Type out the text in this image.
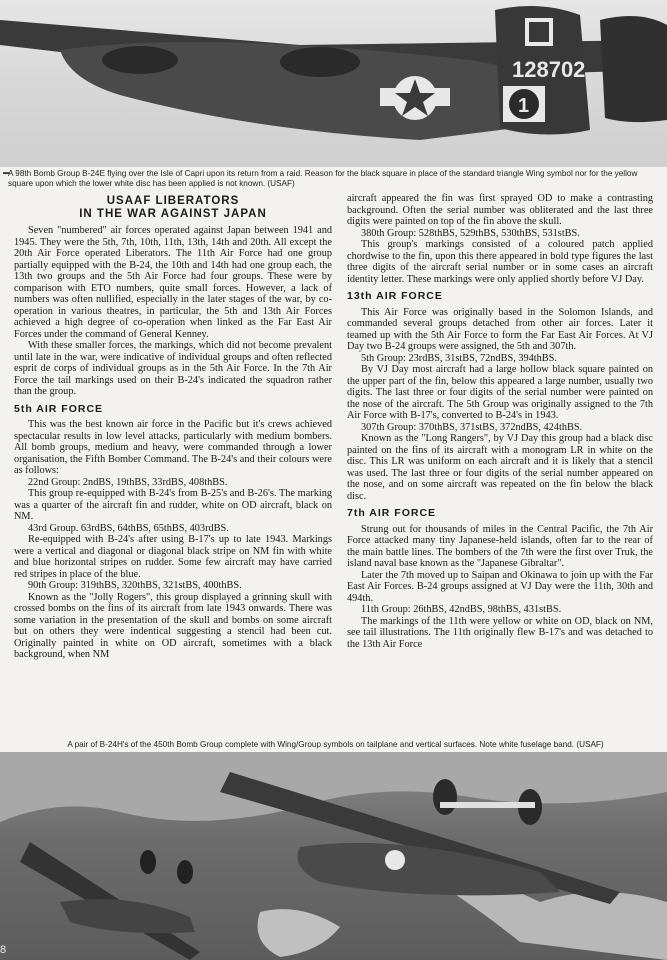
128702
1
▬ A 98th Bomb Group B-24E flying over the Isle of Capri upon its return from a raid. Reason for the black square in place of the standard triangle Wing symbol nor for the yellow square upon which the lower white disc has been applied is not known. (USAF)
USAAF LIBERATORS
IN THE WAR AGAINST JAPAN

Seven "numbered" air forces operated against Japan between 1941 and 1945. They were the 5th, 7th, 10th, 11th, 13th, 14th and 20th. All except the 20th Air Force operated Liberators. The 11th Air Force had one group partially equipped with the B-24, the 10th and 14th had one group each, the 13th two groups and the 5th Air Force had four groups. These were by comparison with ETO numbers, quite small forces. However, a lack of numbers was often nullified, especially in the later stages of the war, by co-operation in various theatres, in particular, the 5th and 13th Air Forces achieved a high degree of co-operation when linked as the Far East Air Forces under the command of General Kenney.

With these smaller forces, the markings, which did not become prevalent until late in the war, were indicative of individual groups and often reflected esprit de corps of individual groups as in the 5th Air Force. In the 7th Air Force the tail markings used on their B-24's indicated the squadron rather than the group.

5th AIR FORCE

This was the best known air force in the Pacific but it's crews achieved spectacular results in low level attacks, particularly with medium bombers. All bomb groups, medium and heavy, were commanded through a lower organisation, the Fifth Bomber Command. The B-24's and their colours were as follows:

22nd Group: 2ndBS, 19thBS, 33rdBS, 408thBS.

This group re-equipped with B-24's from B-25's and B-26's. The marking was a quarter of the aircraft fin and rudder, white on OD aircraft, black on NM.

43rd Group. 63rdBS, 64thBS, 65thBS, 403rdBS.

Re-equipped with B-24's after using B-17's up to late 1943. Markings were a vertical and diagonal or diagonal black stripe on NM fin with white and blue horizontal stripes on rudder. Some few aircraft may have carried red stripes in place of the blue.

90th Group: 319thBS, 320thBS, 321stBS, 400thBS.

Known as the "Jolly Rogers", this group displayed a grinning skull with crossed bombs on the fins of its aircraft from late 1943 onwards. There was some variation in the presentation of the skull and bombs on some aircraft but on others they were indentical suggesting a stencil had been cut. Originally painted in white on OD aircraft, sometimes with a black background, when NM

aircraft appeared the fin was first sprayed OD to make a contrasting background. Often the serial number was obliterated and the last three digits were painted on top of the fin above the skull.

380th Group: 528thBS, 529thBS, 530thBS, 531stBS.

This group's markings consisted of a coloured patch applied chordwise to the fin, upon this there appeared in bold type figures the last three digits of the aircraft serial number or in some cases an aircraft identity letter. These markings were only applied shortly before VJ Day.

13th AIR FORCE

This Air Force was originally based in the Solomon Islands, and commanded several groups detached from other air forces. Later it teamed up with the 5th Air Force to form the Far East Air Forces. At VJ Day two B-24 groups were assigned, the 5th and 307th.

5th Group: 23rdBS, 31stBS, 72ndBS, 394thBS.

By VJ Day most aircraft had a large hollow black square painted on the upper part of the fin, below this appeared a large number, usually two digits. The last three or four digits of the serial number were painted on the nose of the aircraft. The 5th Group was originally assigned to the 7th Air Force with B-17's, converted to B-24's in 1943.

307th Group: 370thBS, 371stBS, 372ndBS, 424thBS.

Known as the "Long Rangers", by VJ Day this group had a black disc painted on the fins of its aircraft with a monogram LR in white on the disc. This LR was uniform on each aircraft and it is likely that a stencil was used. The last three or four digits of the serial number appeared on the nose, and on some aircraft was repeated on the fin below the black disc.

7th AIR FORCE

Strung out for thousands of miles in the Central Pacific, the 7th Air Force attacked many tiny Japanese-held islands, often far to the rear of the main battle lines. The bombers of the 7th were the first over Truk, the island naval base known as the "Japanese Gibraltar".

Later the 7th moved up to Saipan and Okinawa to join up with the Far East Air Forces. B-24 groups assigned at VJ Day were the 11th, 30th and 494th.

11th Group: 26thBS, 42ndBS, 98thBS, 431stBS.

The markings of the 11th were yellow or white on OD, black on NM, see tail illustrations. The 11th originally flew B-17's and was detached to the 13th Air Force

A pair of B-24H's of the 450th Bomb Group complete with Wing/Group symbols on tailplane and vertical surfaces. Note white fuselage band. (USAF)
8
